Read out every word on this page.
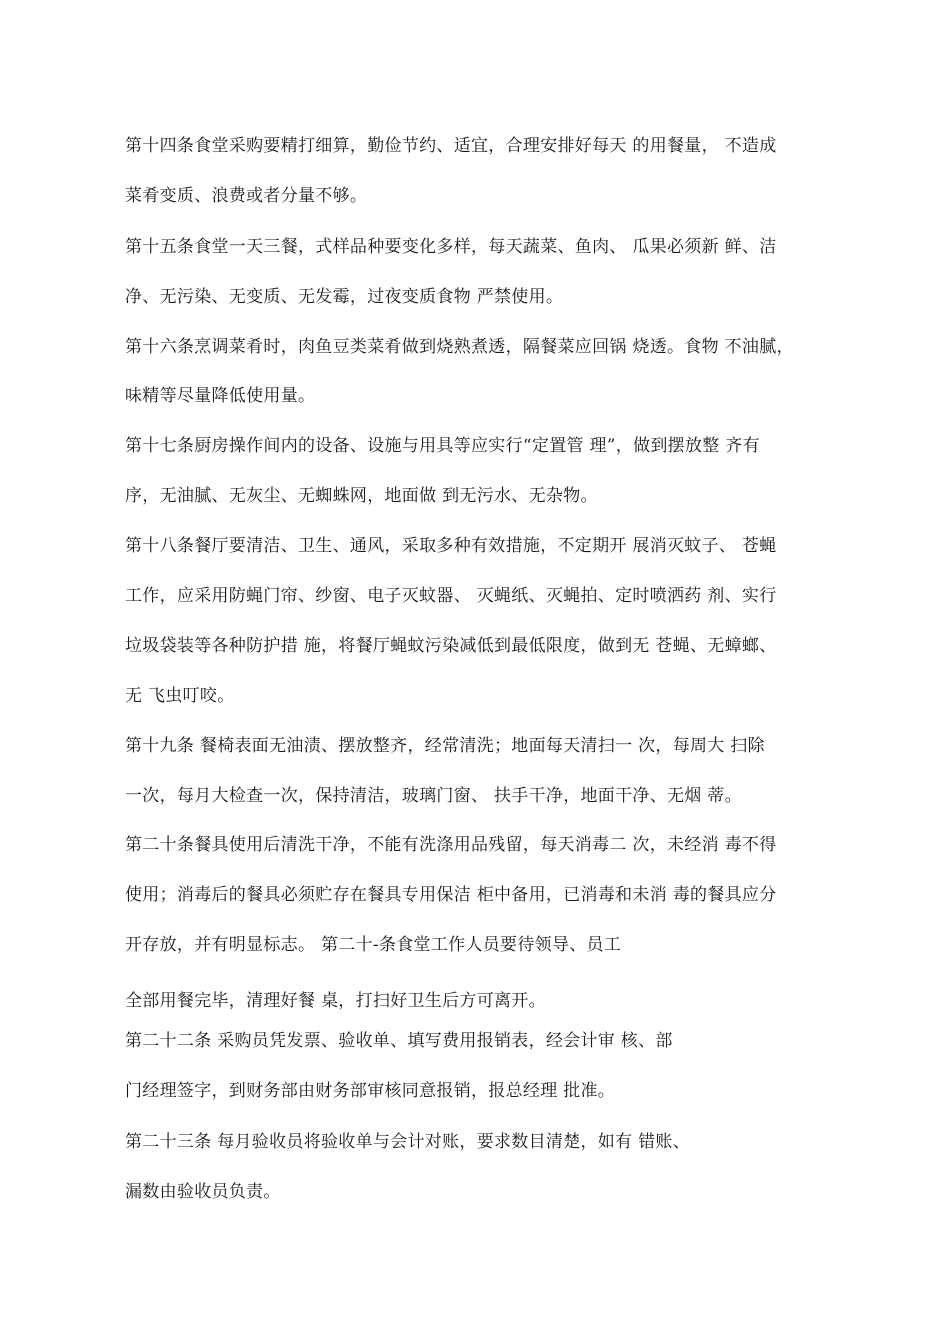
第十四条食堂采购要精打细算，勤俭节约、适宜，合理安排好每天 的用餐量， 不造成
菜肴变质、浪费或者分量不够。
第十五条食堂一天三餐，式样品种要变化多样，每天蔬菜、鱼肉、 瓜果必须新 鲜、洁
净、无污染、无变质、无发霉，过夜变质食物 严禁使用。
第十六条烹调菜肴时，肉鱼豆类菜肴做到烧熟煮透，隔餐菜应回锅 烧透。食物 不油腻，
味精等尽量降低使用量。
第十七条厨房操作间内的设备、设施与用具等应实行“定置管 理”，做到摆放整 齐有
序，无油腻、无灰尘、无蜘蛛网，地面做 到无污水、无杂物。
第十八条餐厅要清洁、卫生、通风，采取多种有效措施，不定期开 展消灭蚊子、 苍蝇
工作，应采用防蝇门帘、纱窗、电子灭蚊器、 灭蝇纸、灭蝇拍、定时喷洒药 剂、实行
垃圾袋装等各种防护措 施，将餐厅蝇蚊污染减低到最低限度，做到无 苍蝇、无蟑螂、
无 飞虫叮咬。
第十九条 餐椅表面无油渍、摆放整齐，经常清洗；地面每天清扫一 次，每周大 扫除
一次，每月大检查一次，保持清洁，玻璃门窗、 扶手干净，地面干净、无烟 蒂。
第二十条餐具使用后清洗干净，不能有洗涤用品残留，每天消毒二 次，未经消 毒不得
使用；消毒后的餐具必须贮存在餐具专用保洁 柜中备用，已消毒和未消 毒的餐具应分
开存放，并有明显标志。 第二十-条食堂工作人员要待领导、员工
全部用餐完毕，清理好餐 桌，打扫好卫生后方可离开。
第二十二条 采购员凭发票、验收单、填写费用报销表，经会计审 核、部
门经理签字，到财务部由财务部审核同意报销，报总经理 批准。
第二十三条 每月验收员将验收单与会计对账，要求数目清楚，如有 错账、
漏数由验收员负责。
